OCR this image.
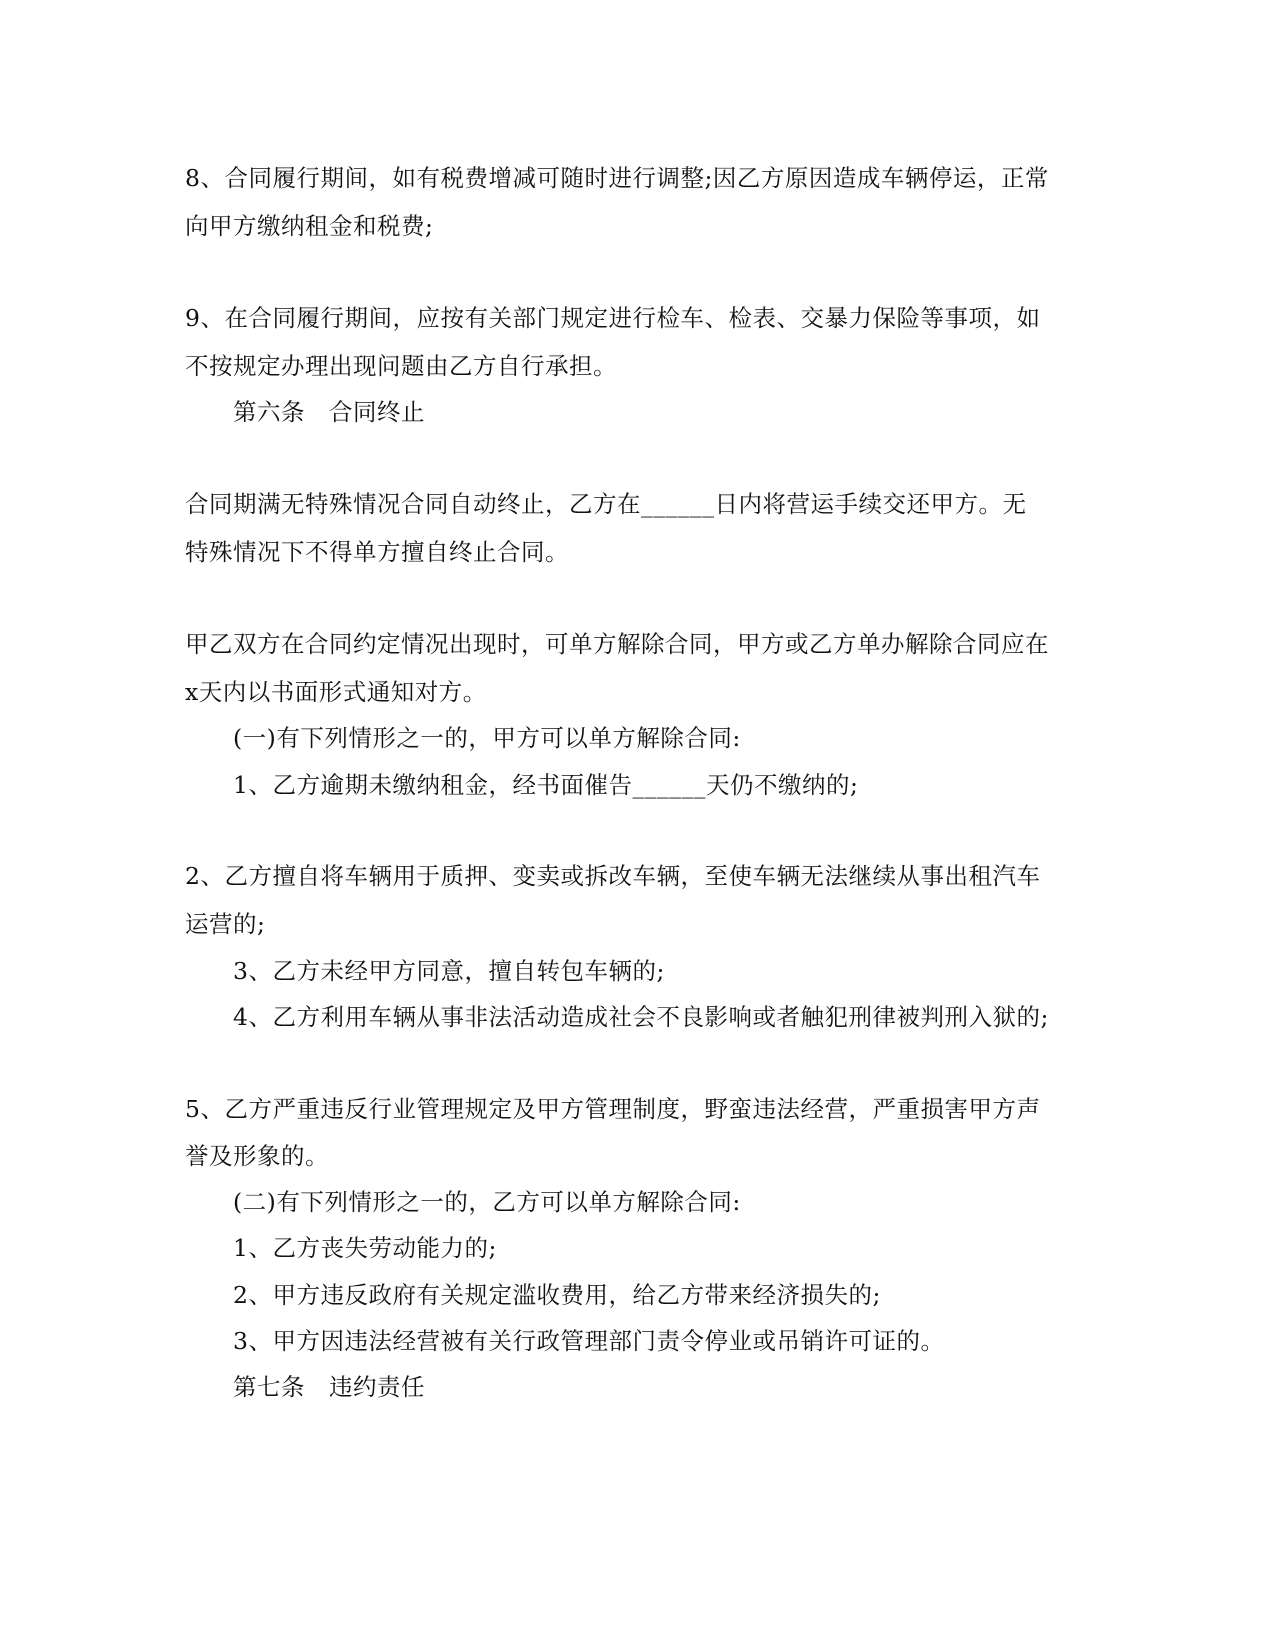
8、合同履行期间，如有税费增减可随时进行调整;因乙方原因造成车辆停运，正常
向甲方缴纳租金和税费;
9、在合同履行期间，应按有关部门规定进行检车、检表、交暴力保险等事项，如
不按规定办理出现问题由乙方自行承担。
第六条　合同终止
合同期满无特殊情况合同自动终止，乙方在______日内将营运手续交还甲方。无
特殊情况下不得单方擅自终止合同。
甲乙双方在合同约定情况出现时，可单方解除合同，甲方或乙方单办解除合同应在
x天内以书面形式通知对方。
(一)有下列情形之一的，甲方可以单方解除合同:
1、乙方逾期未缴纳租金，经书面催告______天仍不缴纳的;
2、乙方擅自将车辆用于质押、变卖或拆改车辆，至使车辆无法继续从事出租汽车
运营的;
3、乙方未经甲方同意，擅自转包车辆的;
4、乙方利用车辆从事非法活动造成社会不良影响或者触犯刑律被判刑入狱的;
5、乙方严重违反行业管理规定及甲方管理制度，野蛮违法经营，严重损害甲方声
誉及形象的。
(二)有下列情形之一的，乙方可以单方解除合同:
1、乙方丧失劳动能力的;
2、甲方违反政府有关规定滥收费用，给乙方带来经济损失的;
3、甲方因违法经营被有关行政管理部门责令停业或吊销许可证的。
第七条　违约责任
